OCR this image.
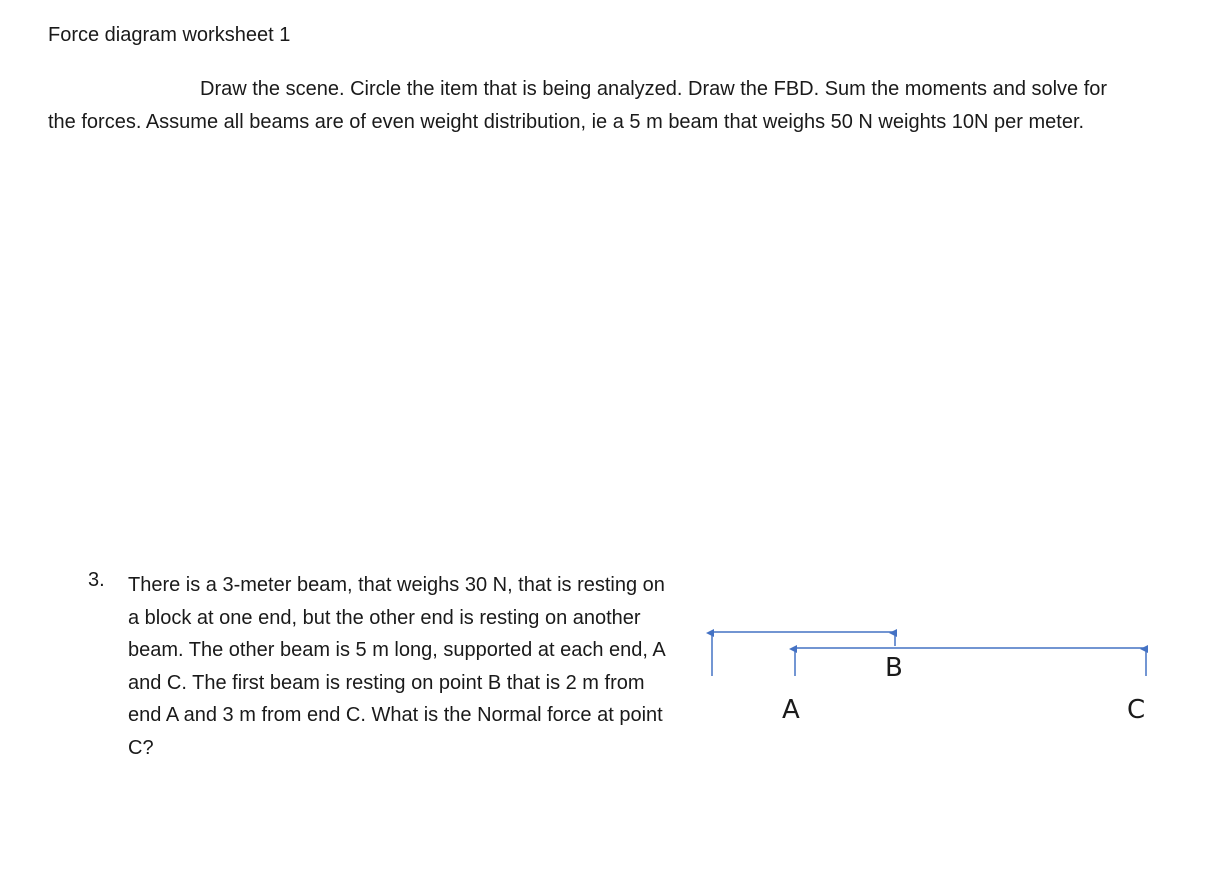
Force diagram worksheet 1
Draw the scene. Circle the item that is being analyzed. Draw the FBD. Sum the moments and solve for the forces. Assume all beams are of even weight distribution, ie a 5 m beam that weighs 50 N weights 10N per meter.
3. There is a 3-meter beam, that weighs 30 N, that is resting on a block at one end, but the other end is resting on another beam. The other beam is 5 m long, supported at each end, A and C. The first beam is resting on point B that is 2 m from end A and 3 m from end C. What is the Normal force at point C?
A
B
C
